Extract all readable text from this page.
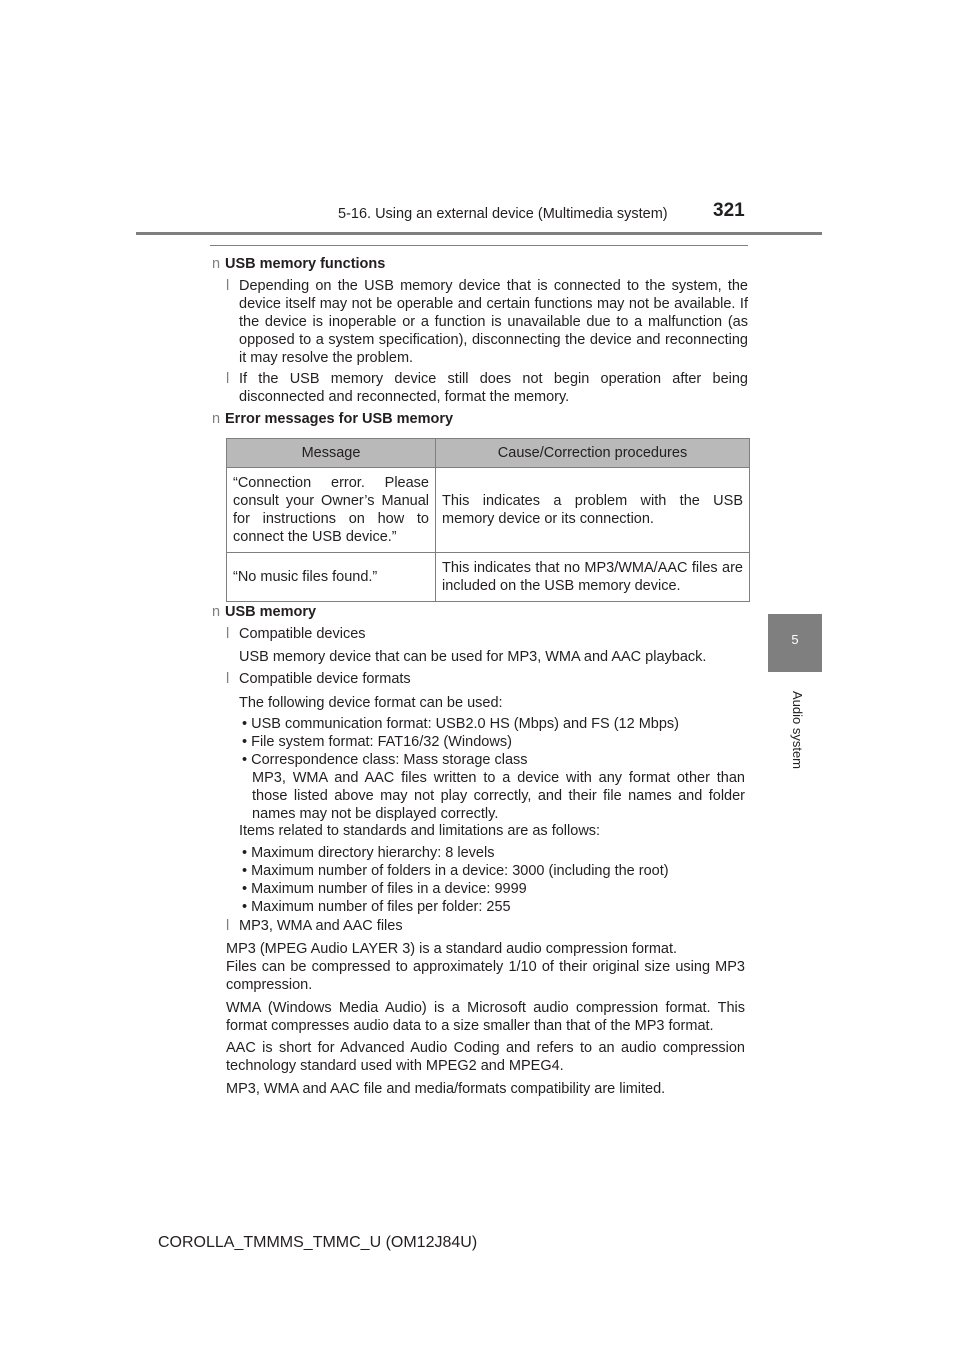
5-16. Using an external device (Multimedia system) 321
5
Audio system
n USB memory functions
l Depending on the USB memory device that is connected to the system, the device itself may not be operable and certain functions may not be available. If the device is inoperable or a function is unavailable due to a malfunction (as opposed to a system specification), disconnecting the device and reconnecting it may resolve the problem.
l If the USB memory device still does not begin operation after being disconnected and reconnected, format the memory.
n Error messages for USB memory
Message	Cause/Correction procedures
“Connection error. Please consult your Owner’s Manual for instructions on how to connect the USB device.”	This indicates a problem with the USB memory device or its connection.
“No music files found.”	This indicates that no MP3/WMA/AAC files are included on the USB memory device.
n USB memory
l Compatible devices
USB memory device that can be used for MP3, WMA and AAC playback.
l Compatible device formats
The following device format can be used:
• USB communication format: USB2.0 HS (Mbps) and FS (12 Mbps)
• File system format: FAT16/32 (Windows)
• Correspondence class: Mass storage class
MP3, WMA and AAC files written to a device with any format other than those listed above may not play correctly, and their file names and folder names may not be displayed correctly.
Items related to standards and limitations are as follows:
• Maximum directory hierarchy: 8 levels
• Maximum number of folders in a device: 3000 (including the root)
• Maximum number of files in a device: 9999
• Maximum number of files per folder: 255
l MP3, WMA and AAC files
MP3 (MPEG Audio LAYER 3) is a standard audio compression format.
Files can be compressed to approximately 1/10 of their original size using MP3 compression.
WMA (Windows Media Audio) is a Microsoft audio compression format. This format compresses audio data to a size smaller than that of the MP3 format.
AAC is short for Advanced Audio Coding and refers to an audio compression technology standard used with MPEG2 and MPEG4.
MP3, WMA and AAC file and media/formats compatibility are limited.
COROLLA_TMMMS_TMMC_U (OM12J84U)
